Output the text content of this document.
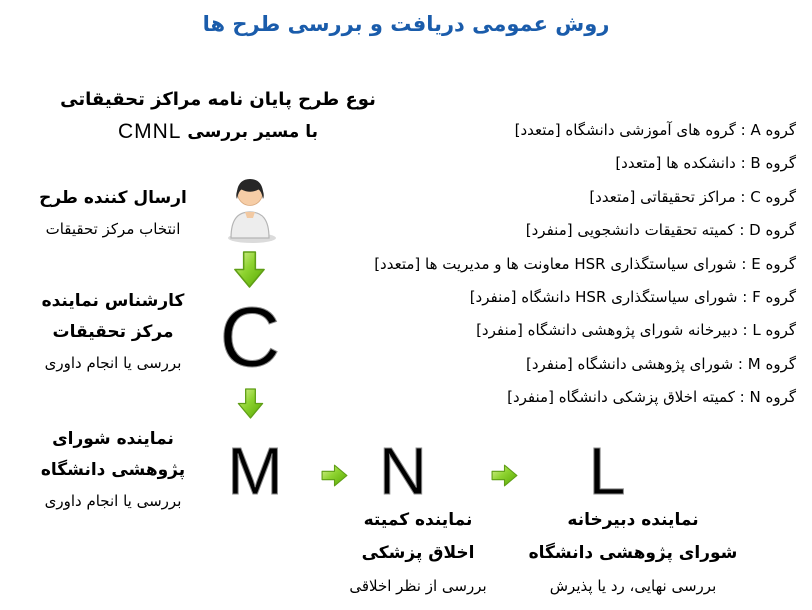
روش عمومی دریافت و بررسی طرح ها
نوع طرح پایان نامه مراکز تحقیقاتی
با مسیر بررسی CMNL
ارسال کننده طرح
انتخاب مرکز تحقیقات
کارشناس نماینده
مرکز تحقیقات
بررسی یا انجام داوری
نماینده شورای
پژوهشی دانشگاه
بررسی یا انجام داوری
C
M	N	L
نماینده کمیته
اخلاق پزشکی
بررسی از نظر اخلاقی
نماینده دبیرخانه
شورای پژوهشی دانشگاه
بررسی نهایی، رد یا پذیرش
گروه A : گروه های آموزشی دانشگاه [متعدد]
گروه B : دانشکده ها [متعدد]
گروه C : مراکز تحقیقاتی [متعدد]
گروه D : کمیته تحقیقات دانشجویی [منفرد]
گروه E : شورای سیاستگذاری HSR معاونت ها و مدیریت ها [متعدد]
گروه F : شورای سیاستگذاری HSR دانشگاه [منفرد]
گروه L : دبیرخانه شورای پژوهشی دانشگاه [منفرد]
گروه M : شورای پژوهشی دانشگاه [منفرد]
گروه N : کمیته اخلاق پزشکی دانشگاه [منفرد]
